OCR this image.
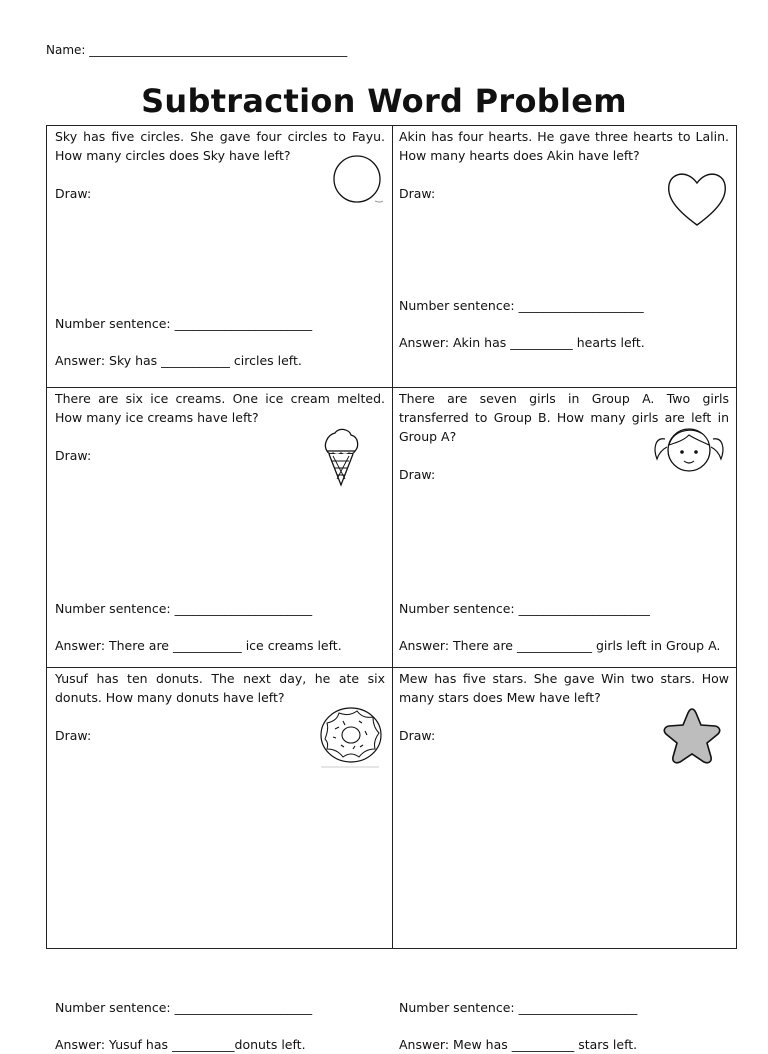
Name: ___________________________________________
Subtraction Word Problem
Sky has five circles. She gave four circles to Fayu. How many circles does Sky have left?
Draw:
Number sentence: ______________________
Answer: Sky has ___________ circles left.
Akin has four hearts. He gave three hearts to Lalin. How many hearts does Akin have left?
Draw:
Number sentence: ____________________
Answer: Akin has __________ hearts left.
There are six ice creams. One ice cream melted. How many ice creams have left?
Draw:
Number sentence: ______________________
Answer: There are ___________ ice creams left.
There are seven girls in Group A. Two girls transferred to Group B. How many girls are left in Group A?
Draw:
Number sentence: _____________________
Answer: There are ____________ girls left in Group A.
Yusuf has ten donuts. The next day, he ate six donuts. How many donuts have left?
Draw:
Number sentence: ______________________
Answer: Yusuf has __________donuts left.
Mew has five stars. She gave Win two stars. How many stars does Mew have left?
Draw:
Number sentence: ___________________
Answer: Mew has __________ stars left.
